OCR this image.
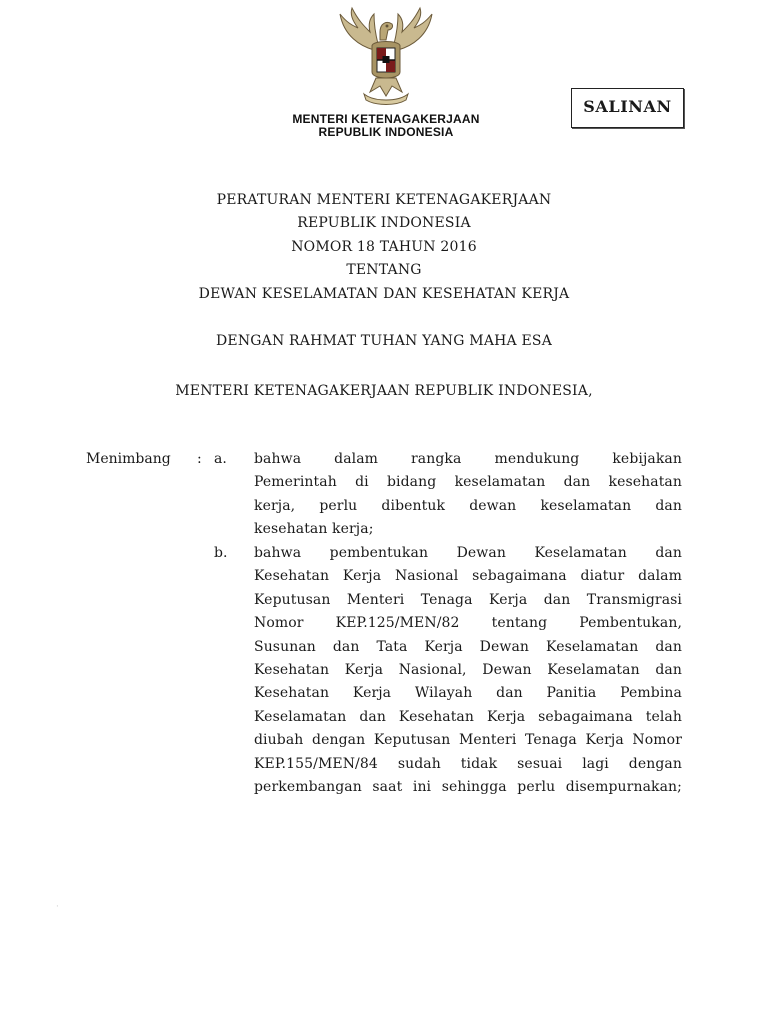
MENTERI KETENAGAKERJAAN
REPUBLIK INDONESIA
SALINAN
PERATURAN MENTERI KETENAGAKERJAAN
REPUBLIK INDONESIA
NOMOR 18 TAHUN 2016
TENTANG
DEWAN KESELAMATAN DAN KESEHATAN KERJA
DENGAN RAHMAT TUHAN YANG MAHA ESA
MENTERI KETENAGAKERJAAN REPUBLIK INDONESIA,
Menimbang : a. bahwa dalam rangka mendukung kebijakan
Pemerintah di bidang keselamatan dan kesehatan
kerja, perlu dibentuk dewan keselamatan dan
kesehatan kerja;
b. bahwa pembentukan Dewan Keselamatan dan
Kesehatan Kerja Nasional sebagaimana diatur dalam
Keputusan Menteri Tenaga Kerja dan Transmigrasi
Nomor KEP.125/MEN/82 tentang Pembentukan,
Susunan dan Tata Kerja Dewan Keselamatan dan
Kesehatan Kerja Nasional, Dewan Keselamatan dan
Kesehatan Kerja Wilayah dan Panitia Pembina
Keselamatan dan Kesehatan Kerja sebagaimana telah
diubah dengan Keputusan Menteri Tenaga Kerja Nomor
KEP.155/MEN/84 sudah tidak sesuai lagi dengan
perkembangan saat ini sehingga perlu disempurnakan;
·
